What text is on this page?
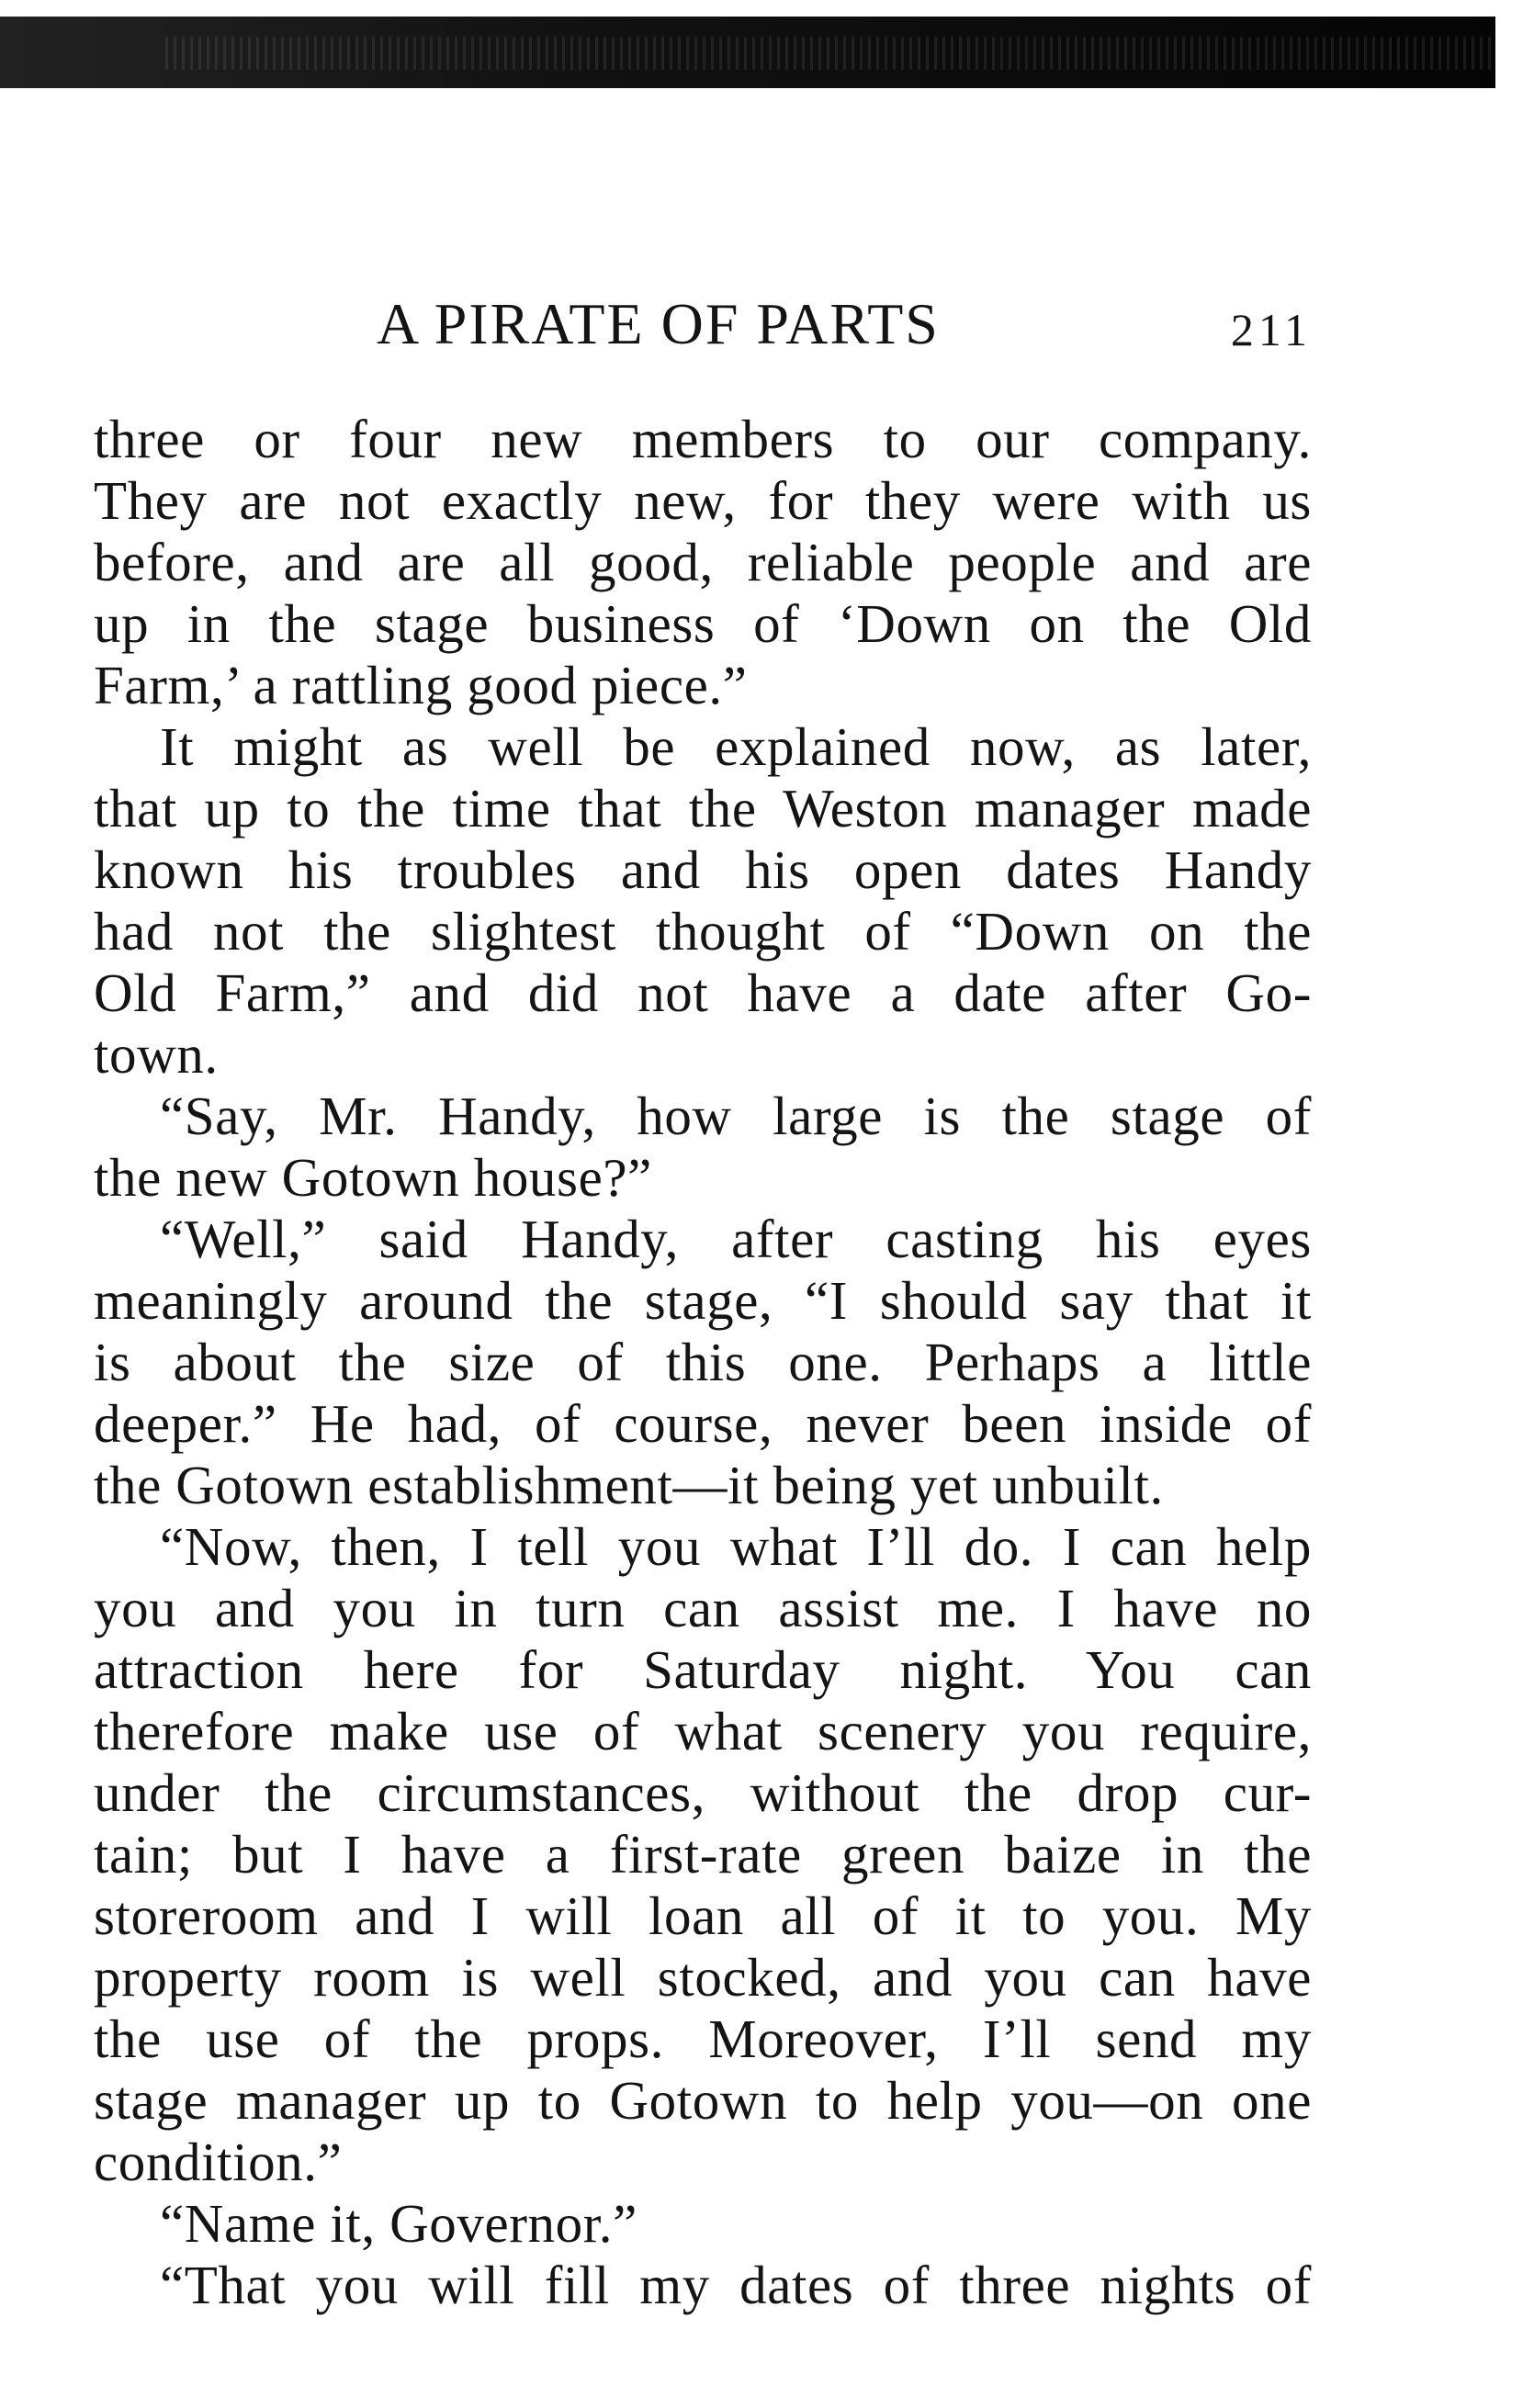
A PIRATE OF PARTS	211
three or four new members to our company.
They are not exactly new, for they were with us
before, and are all good, reliable people and are
up in the stage business of ‘Down on the Old
Farm,’ a rattling good piece.”
It might as well be explained now, as later,
that up to the time that the Weston manager made
known his troubles and his open dates Handy
had not the slightest thought of “Down on the
Old Farm,” and did not have a date after Go-
town.
“Say, Mr. Handy, how large is the stage of
the new Gotown house?”
“Well,” said Handy, after casting his eyes
meaningly around the stage, “I should say that it
is about the size of this one. Perhaps a little
deeper.” He had, of course, never been inside of
the Gotown establishment—it being yet unbuilt.
“Now, then, I tell you what I’ll do. I can help
you and you in turn can assist me. I have no
attraction here for Saturday night. You can
therefore make use of what scenery you require,
under the circumstances, without the drop cur-
tain; but I have a first-rate green baize in the
storeroom and I will loan all of it to you. My
property room is well stocked, and you can have
the use of the props. Moreover, I’ll send my
stage manager up to Gotown to help you—on one
condition.”
“Name it, Governor.”
“That you will fill my dates of three nights of
